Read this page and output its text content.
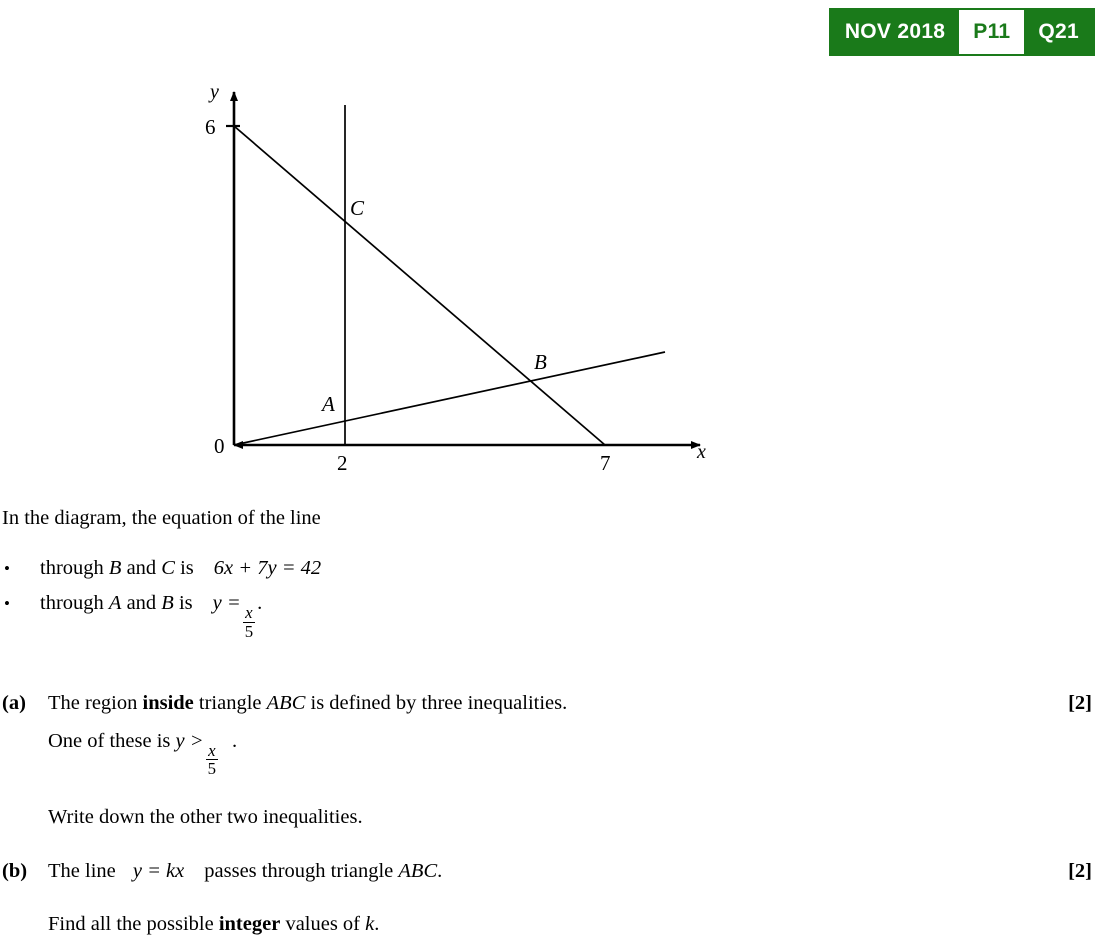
NOV 2018	P11	Q21
y
x
0
6
2	7
C
B
A

In the diagram, the equation of the line

•	through B and C is 6x + 7y = 42
•	through A and B is y =
$\frac{x}{5}$
.
(a)	The region inside triangle ABC is defined by three inequalities.
One of these is y >
$\frac{x}{5}$
.
Write down the other two inequalities.
[2]
(b)	The line y = kx passes through triangle ABC.
Find all the possible integer values of k.
[2]
